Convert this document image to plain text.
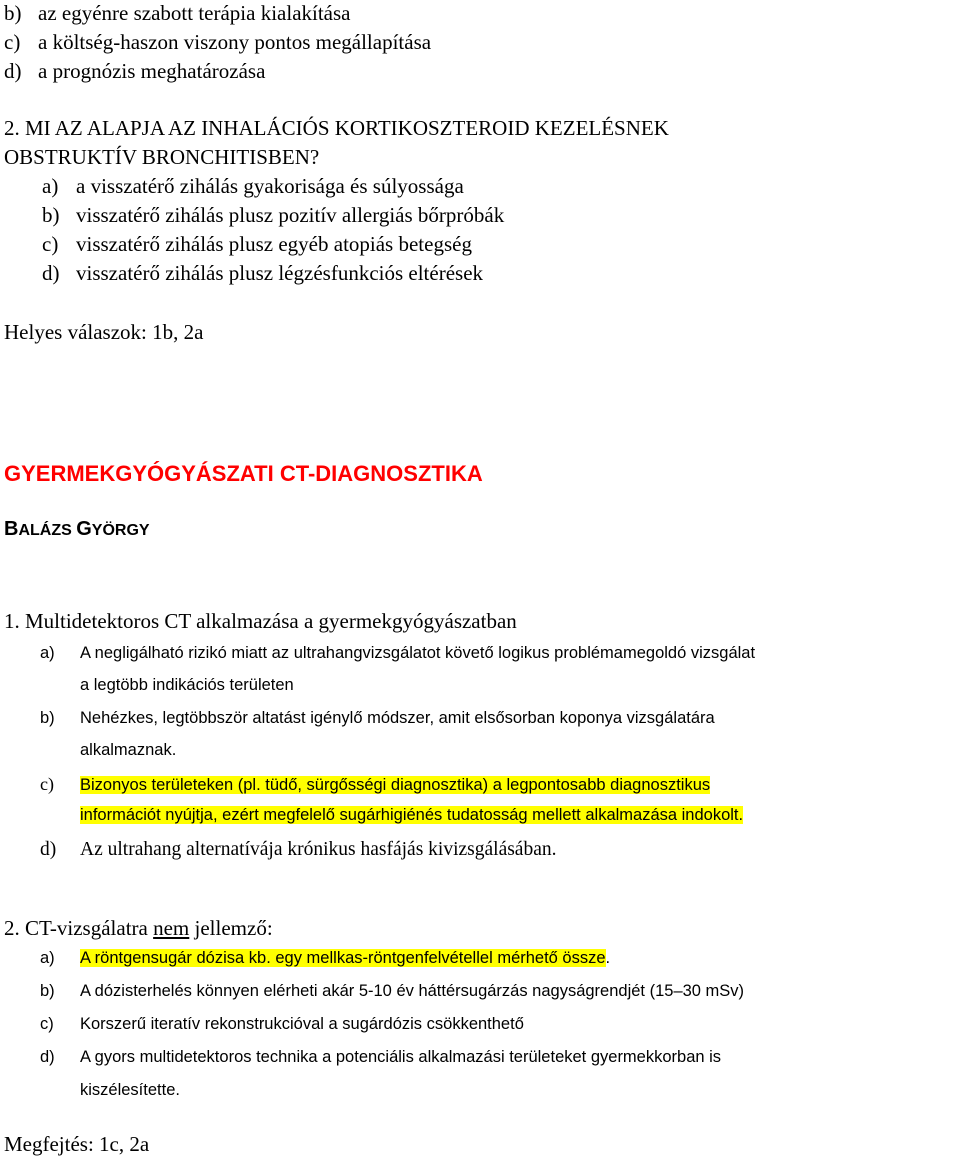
b) az egyénre szabott terápia kialakítása
c) a költség-haszon viszony pontos megállapítása
d) a prognózis meghatározása
2. MI AZ ALAPJA AZ INHALÁCIÓS KORTIKOSZTEROID KEZELÉSNEK
OBSTRUKTÍV BRONCHITISBEN?
a) a visszatérő zihálás gyakorisága és súlyossága
b) visszatérő zihálás plusz pozitív allergiás bőrpróbák
c) visszatérő zihálás plusz egyéb atopiás betegség
d) visszatérő zihálás plusz légzésfunkciós eltérések
Helyes válaszok: 1b, 2a
GYERMEKGYÓGYÁSZATI CT-DIAGNOSZTIKA
BALÁZS GYÖRGY
1. Multidetektoros CT alkalmazása a gyermekgyógyászatban
a) A negligálható rizikó miatt az ultrahangvizsgálatot követő logikus problémamegoldó vizsgálat
a legtöbb indikációs területen
b) Nehézkes, legtöbbször altatást igénylő módszer, amit elsősorban koponya vizsgálatára
alkalmaznak.
c) Bizonyos területeken (pl. tüdő, sürgősségi diagnosztika) a legpontosabb diagnosztikus
információt nyújtja, ezért megfelelő sugárhigiénés tudatosság mellett alkalmazása indokolt.
d) Az ultrahang alternatívája krónikus hasfájás kivizsgálásában.
2. CT-vizsgálatra nem jellemző:
a) A röntgensugár dózisa kb. egy mellkas-röntgenfelvétellel mérhető össze.
b) A dózisterhelés könnyen elérheti akár 5-10 év háttérsugárzás nagyságrendjét (15–30 mSv)
c) Korszerű iteratív rekonstrukcióval a sugárdózis csökkenthető
d) A gyors multidetektoros technika a potenciális alkalmazási területeket gyermekkorban is
kiszélesítette.
Megfejtés: 1c, 2a
